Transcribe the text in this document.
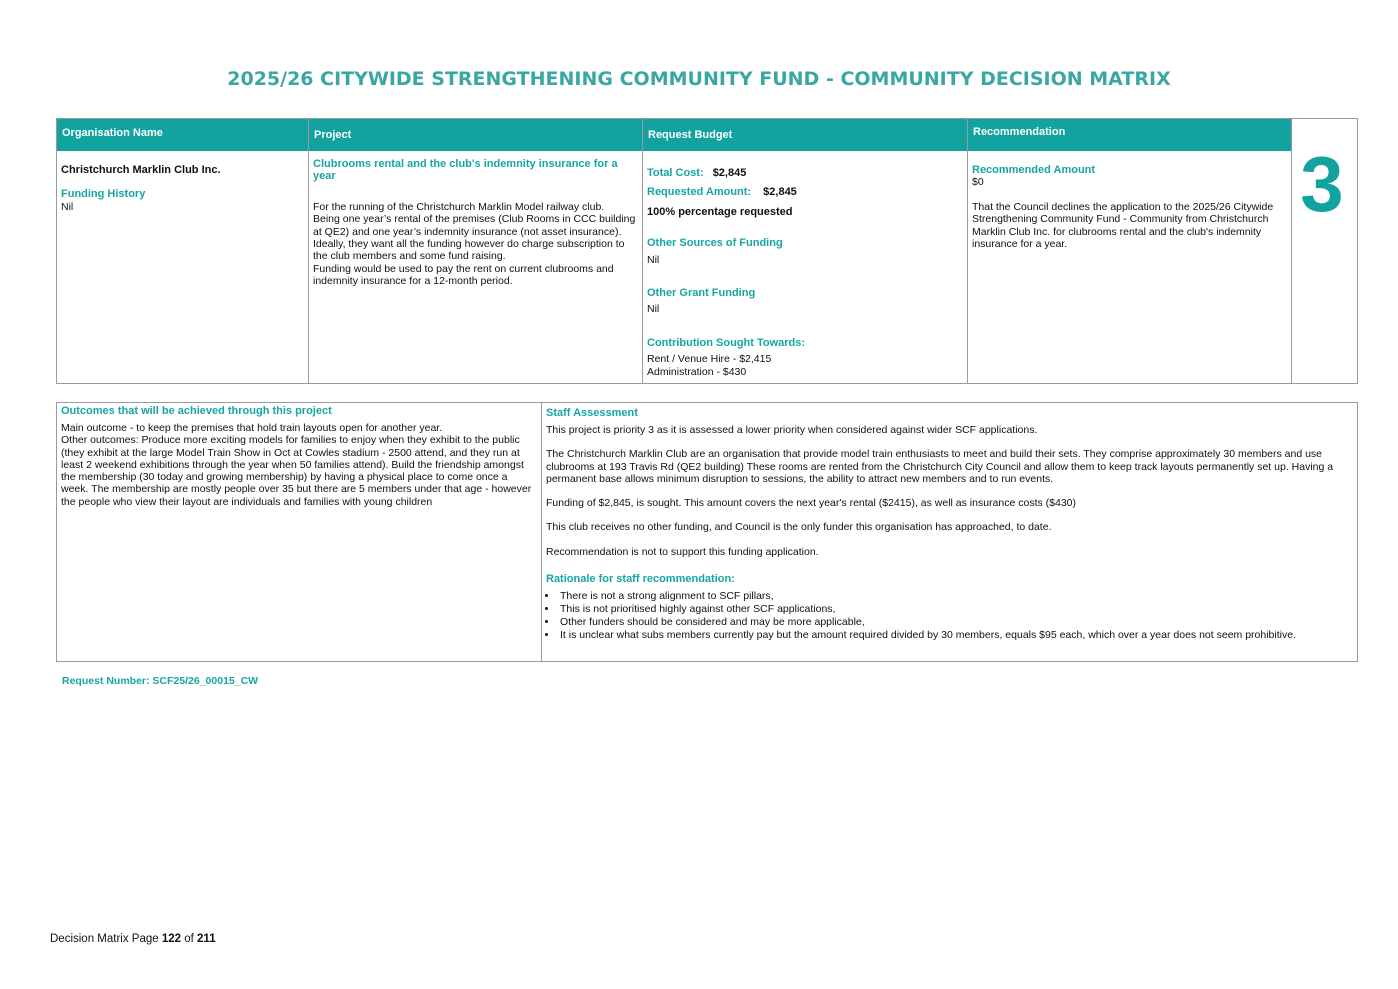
2025/26 CITYWIDE STRENGTHENING COMMUNITY FUND - COMMUNITY DECISION MATRIX
Organisation Name
Christchurch Marklin Club Inc.
Funding History
Nil
Project
Clubrooms rental and the club's indemnity insurance for a year
For the running of the Christchurch Marklin Model railway club.
Being one year’s rental of the premises (Club Rooms in CCC building at QE2) and one year’s indemnity insurance (not asset insurance). Ideally, they want all the funding however do charge subscription to the club members and some fund raising.
Funding would be used to pay the rent on current clubrooms and indemnity insurance for a 12-month period.
Request Budget
Total Cost: $2,845
Requested Amount: $2,845
100% percentage requested
Other Sources of Funding
Nil
Other Grant Funding
Nil
Contribution Sought Towards:
Rent / Venue Hire - $2,415
Administration - $430
Recommendation
Recommended Amount
$0
That the Council declines the application to the 2025/26 Citywide Strengthening Community Fund - Community from Christchurch Marklin Club Inc. for clubrooms rental and the club's indemnity insurance for a year.
3

Outcomes that will be achieved through this project

Main outcome - to keep the premises that hold train layouts open for another year.

Other outcomes: Produce more exciting models for families to enjoy when they exhibit to the public (they exhibit at the large Model Train Show in Oct at Cowles stadium - 2500 attend, and they run at least 2 weekend exhibitions through the year when 50 families attend). Build the friendship amongst the membership (30 today and growing membership) by having a physical place to come once a week. The membership are mostly people over 35 but there are 5 members under that age - however the people who view their layout are individuals and families with young children

Staff Assessment

This project is priority 3 as it is assessed a lower priority when considered against wider SCF applications.

The Christchurch Marklin Club are an organisation that provide model train enthusiasts to meet and build their sets. They comprise approximately 30 members and use clubrooms at 193 Travis Rd (QE2 building) These rooms are rented from the Christchurch City Council and allow them to keep track layouts permanently set up. Having a permanent base allows minimum disruption to sessions, the ability to attract new members and to run events.

Funding of $2,845, is sought. This amount covers the next year's rental ($2415), as well as insurance costs ($430)

This club receives no other funding, and Council is the only funder this organisation has approached, to date.

Recommendation is not to support this funding application.

Rationale for staff recommendation:

• There is not a strong alignment to SCF pillars,
• This is not prioritised highly against other SCF applications,
• Other funders should be considered and may be more applicable,
• It is unclear what subs members currently pay but the amount required divided by 30 members, equals $95 each, which over a year does not seem prohibitive.
Request Number: SCF25/26_00015_CW
Decision Matrix Page 122 of 211
